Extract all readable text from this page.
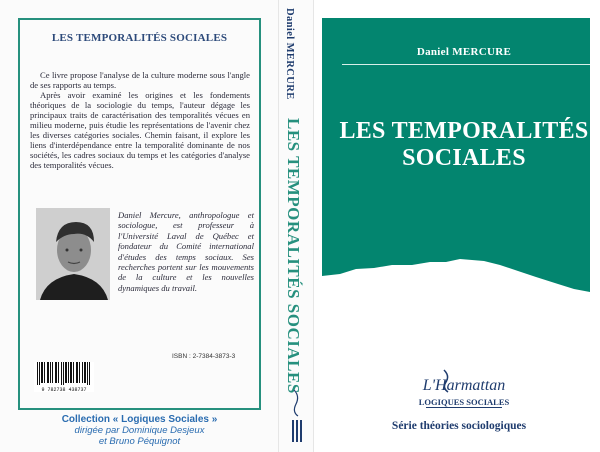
LES TEMPORALITÉS SOCIALES

Ce livre propose l'analyse de la culture moderne sous l'angle de ses rapports au temps.

Après avoir examiné les origines et les fondements théoriques de la sociologie du temps, l'auteur dégage les principaux traits de caractérisation des temporalités vécues en milieu moderne, puis étudie les représentations de l'avenir chez les diverses catégories sociales. Chemin faisant, il explore les liens d'interdépendance entre la temporalité dominante de nos sociétés, les cadres sociaux du temps et les catégories d'analyse des temporalités vécues.

Daniel Mercure, anthropologue et sociologue, est professeur à l'Université Laval de Québec et fondateur du Comité international d'études des temps sociaux. Ses recherches portent sur les mouvements de la culture et les nouvelles dynamiques du travail.
ISBN : 2-7384-3873-3
9 782738 438737
Collection « Logiques Sociales »
dirigée par Dominique Desjeux
et Bruno Péquignot
Daniel MERCURE
LES TEMPORALITÉS SOCIALES
Daniel MERCURE
LES TEMPORALITÉS
SOCIALES
L'Harmattan
LOGIQUES SOCIALES
Série théories sociologiques
